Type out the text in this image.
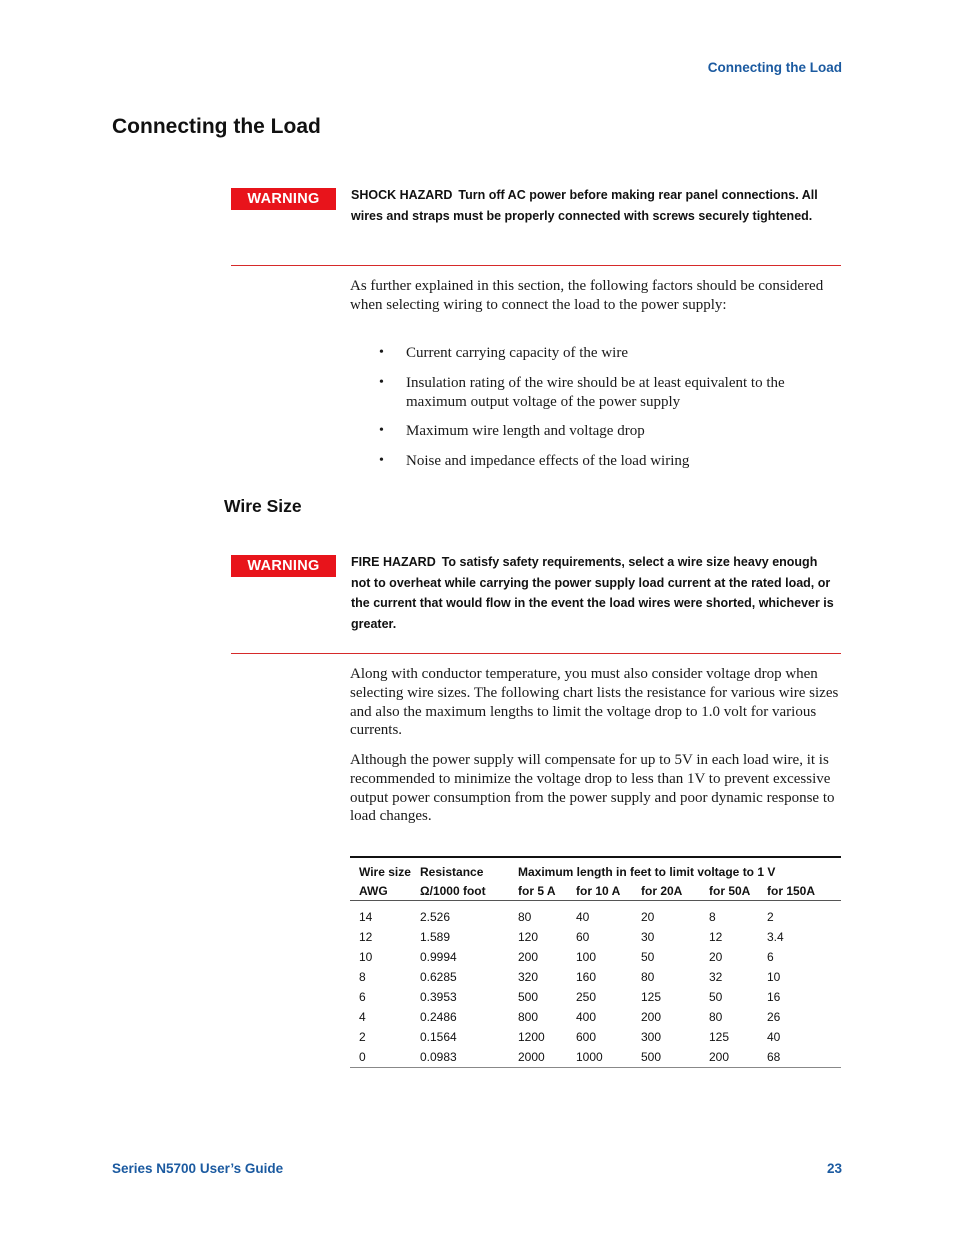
Connecting the Load
Connecting the Load
WARNING	SHOCK HAZARD Turn off AC power before making rear panel connections. All wires and straps must be properly connected with screws securely tightened.

As further explained in this section, the following factors should be considered when selecting wiring to connect the load to the power supply:

• Current carrying capacity of the wire
• Insulation rating of the wire should be at least equivalent to the maximum output voltage of the power supply
• Maximum wire length and voltage drop
• Noise and impedance effects of the load wiring
Wire Size
WARNING	FIRE HAZARD To satisfy safety requirements, select a wire size heavy enough not to overheat while carrying the power supply load current at the rated load, or the current that would flow in the event the load wires were shorted, whichever is greater.

Along with conductor temperature, you must also consider voltage drop when selecting wire sizes. The following chart lists the resistance for various wire sizes and also the maximum lengths to limit the voltage drop to 1.0 volt for various currents.

Although the power supply will compensate for up to 5V in each load wire, it is recommended to minimize the voltage drop to less than 1V to prevent excessive output power consumption from the power supply and poor dynamic response to load changes.

Wire size	Resistance	Maximum length in feet to limit voltage to 1 V				
AWG	Ω/1000 foot	for 5 A	for 10 A	for 20A	for 50A	for 150A

14	2.526	80	40	20	8	2
12	1.589	120	60	30	12	3.4
10	0.9994	200	100	50	20	6
8	0.6285	320	160	80	32	10
6	0.3953	500	250	125	50	16
4	0.2486	800	400	200	80	26
2	0.1564	1200	600	300	125	40
0	0.0983	2000	1000	500	200	68

Series N5700 User’s Guide	23
